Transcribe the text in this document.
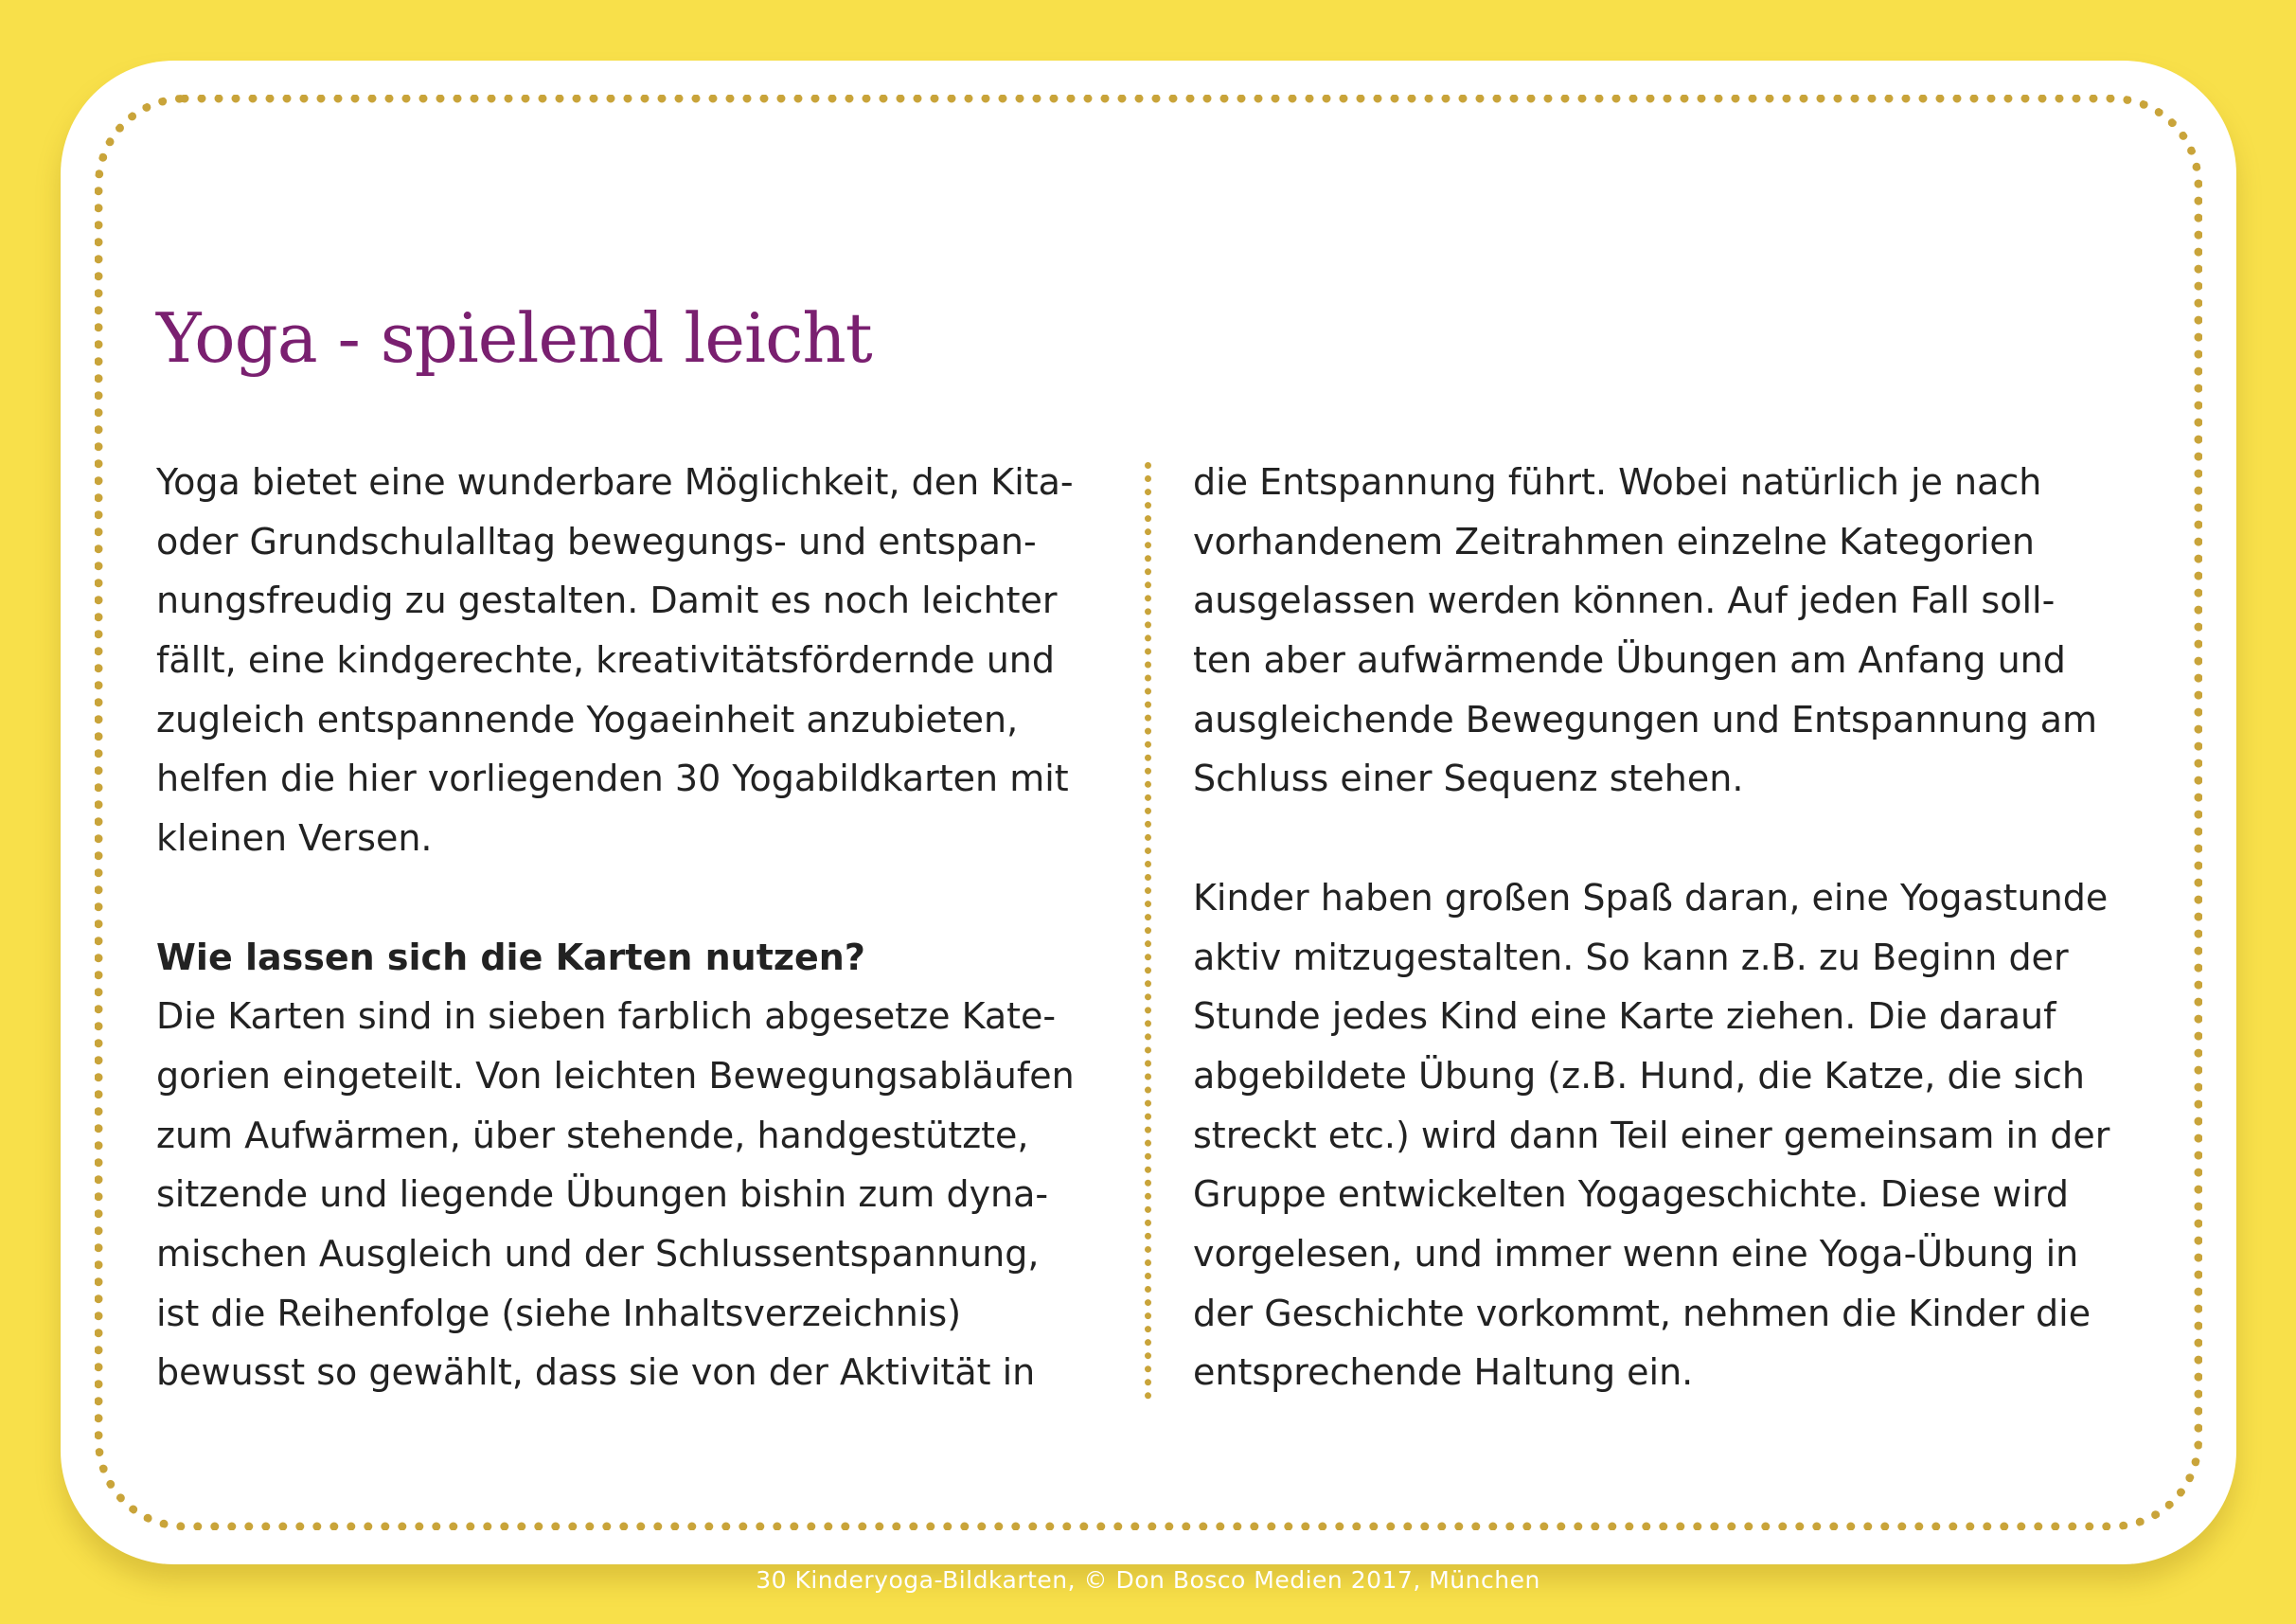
Yoga - spielend leicht
Yoga bietet eine wunderbare Möglichkeit, den Kita-
oder Grundschulalltag bewegungs- und entspan-
nungsfreudig zu gestalten. Damit es noch leichter
fällt, eine kindgerechte, kreativitätsfördernde und
zugleich entspannende Yogaeinheit anzubieten,
helfen die hier vorliegenden 30 Yogabildkarten mit
kleinen Versen.
Wie lassen sich die Karten nutzen?
Die Karten sind in sieben farblich abgesetze Kate-
gorien eingeteilt. Von leichten Bewegungsabläufen
zum Aufwärmen, über stehende, handgestützte,
sitzende und liegende Übungen bishin zum dyna-
mischen Ausgleich und der Schlussentspannung,
ist die Reihenfolge (siehe Inhaltsverzeichnis)
bewusst so gewählt, dass sie von der Aktivität in
die Entspannung führt. Wobei natürlich je nach
vorhandenem Zeitrahmen einzelne Kategorien
ausgelassen werden können. Auf jeden Fall soll-
ten aber aufwärmende Übungen am Anfang und
ausgleichende Bewegungen und Entspannung am
Schluss einer Sequenz stehen.
Kinder haben großen Spaß daran, eine Yogastunde
aktiv mitzugestalten. So kann z.B. zu Beginn der
Stunde jedes Kind eine Karte ziehen. Die darauf
abgebildete Übung (z.B. Hund, die Katze, die sich
streckt etc.) wird dann Teil einer gemeinsam in der
Gruppe entwickelten Yogageschichte. Diese wird
vorgelesen, und immer wenn eine Yoga-Übung in
der Geschichte vorkommt, nehmen die Kinder die
entsprechende Haltung ein.
30 Kinderyoga-Bildkarten, © Don Bosco Medien 2017, München
